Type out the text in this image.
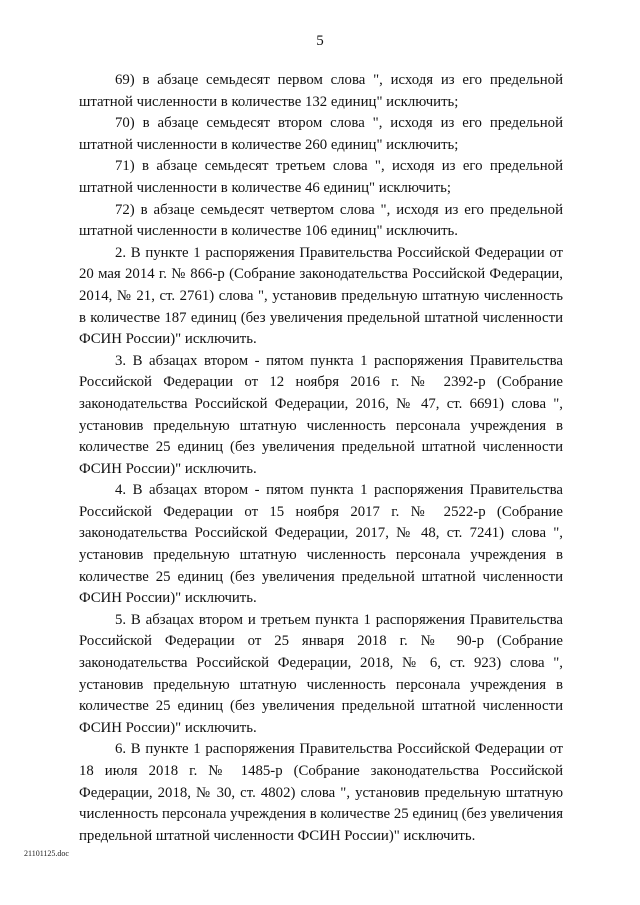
5

69) в абзаце семьдесят первом слова ", исходя из его предельной штатной численности в количестве 132 единиц" исключить;

70) в абзаце семьдесят втором слова ", исходя из его предельной штатной численности в количестве 260 единиц" исключить;

71) в абзаце семьдесят третьем слова ", исходя из его предельной штатной численности в количестве 46 единиц" исключить;

72) в абзаце семьдесят четвертом слова ", исходя из его предельной штатной численности в количестве 106 единиц" исключить.

2. В пункте 1 распоряжения Правительства Российской Федерации от 20 мая 2014 г. № 866-р (Собрание законодательства Российской Федерации, 2014, № 21, ст. 2761) слова ", установив предельную штатную численность в количестве 187 единиц (без увеличения предельной штатной численности ФСИН России)" исключить.

3. В абзацах втором - пятом пункта 1 распоряжения Правительства Российской Федерации от 12 ноября 2016 г. № 2392-р (Собрание законодательства Российской Федерации, 2016, № 47, ст. 6691) слова ", установив предельную штатную численность персонала учреждения в количестве 25 единиц (без увеличения предельной штатной численности ФСИН России)" исключить.

4. В абзацах втором - пятом пункта 1 распоряжения Правительства Российской Федерации от 15 ноября 2017 г. № 2522-р (Собрание законодательства Российской Федерации, 2017, № 48, ст. 7241) слова ", установив предельную штатную численность персонала учреждения в количестве 25 единиц (без увеличения предельной штатной численности ФСИН России)" исключить.

5. В абзацах втором и третьем пункта 1 распоряжения Правительства Российской Федерации от 25 января 2018 г. № 90-р (Собрание законодательства Российской Федерации, 2018, № 6, ст. 923) слова ", установив предельную штатную численность персонала учреждения в количестве 25 единиц (без увеличения предельной штатной численности ФСИН России)" исключить.

6. В пункте 1 распоряжения Правительства Российской Федерации от 18 июля 2018 г. № 1485-р (Собрание законодательства Российской Федерации, 2018, № 30, ст. 4802) слова ", установив предельную штатную численность персонала учреждения в количестве 25 единиц (без увеличения предельной штатной численности ФСИН России)" исключить.

21101125.doc
